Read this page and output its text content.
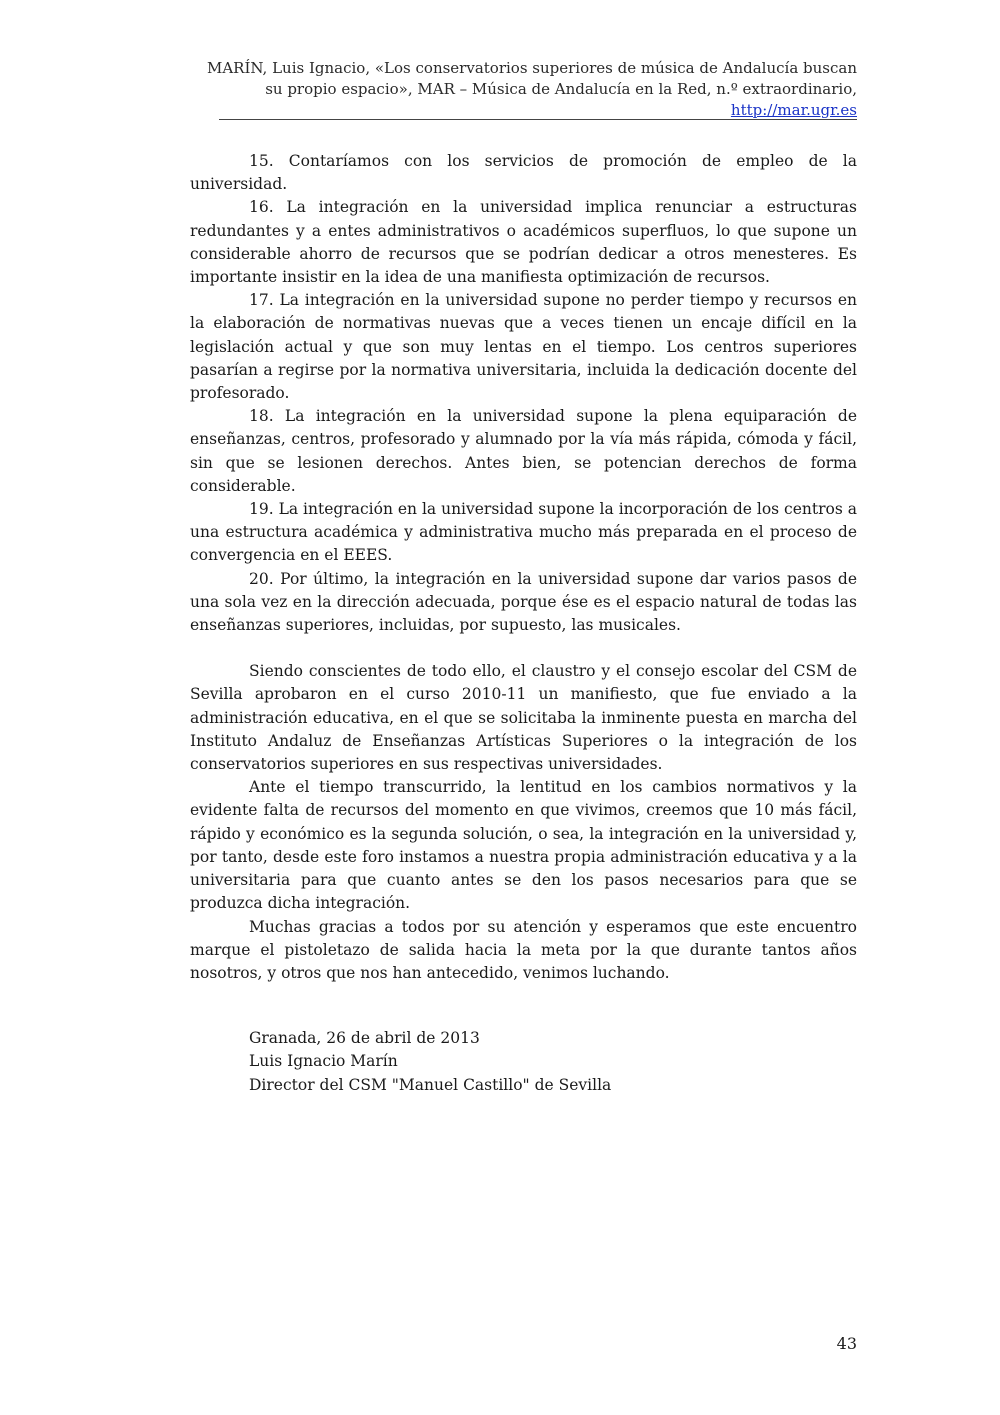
MARÍN, Luis Ignacio, «Los conservatorios superiores de música de Andalucía buscan su propio espacio», MAR – Música de Andalucía en la Red, n.º extraordinario, http://mar.ugr.es

15. Contaríamos con los servicios de promoción de empleo de la universidad.

16. La integración en la universidad implica renunciar a estructuras redundantes y a entes administrativos o académicos superfluos, lo que supone un considerable ahorro de recursos que se podrían dedicar a otros menesteres. Es importante insistir en la idea de una manifiesta optimización de recursos.

17. La integración en la universidad supone no perder tiempo y recursos en la elaboración de normativas nuevas que a veces tienen un encaje difícil en la legislación actual y que son muy lentas en el tiempo. Los centros superiores pasarían a regirse por la normativa universitaria, incluida la dedicación docente del profesorado.

18. La integración en la universidad supone la plena equiparación de enseñanzas, centros, profesorado y alumnado por la vía más rápida, cómoda y fácil, sin que se lesionen derechos. Antes bien, se potencian derechos de forma considerable.

19. La integración en la universidad supone la incorporación de los centros a una estructura académica y administrativa mucho más preparada en el proceso de convergencia en el EEES.

20. Por último, la integración en la universidad supone dar varios pasos de una sola vez en la dirección adecuada, porque ése es el espacio natural de todas las enseñanzas superiores, incluidas, por supuesto, las musicales.

Siendo conscientes de todo ello, el claustro y el consejo escolar del CSM de Sevilla aprobaron en el curso 2010-11 un manifiesto, que fue enviado a la administración educativa, en el que se solicitaba la inminente puesta en marcha del Instituto Andaluz de Enseñanzas Artísticas Superiores o la integración de los conservatorios superiores en sus respectivas universidades.

Ante el tiempo transcurrido, la lentitud en los cambios normativos y la evidente falta de recursos del momento en que vivimos, creemos que 10 más fácil, rápido y económico es la segunda solución, o sea, la integración en la universidad y, por tanto, desde este foro instamos a nuestra propia administración educativa y a la universitaria para que cuanto antes se den los pasos necesarios para que se produzca dicha integración.

Muchas gracias a todos por su atención y esperamos que este encuentro marque el pistoletazo de salida hacia la meta por la que durante tantos años nosotros, y otros que nos han antecedido, venimos luchando.

Granada, 26 de abril de 2013
Luis Ignacio Marín
Director del CSM "Manuel Castillo" de Sevilla
43
